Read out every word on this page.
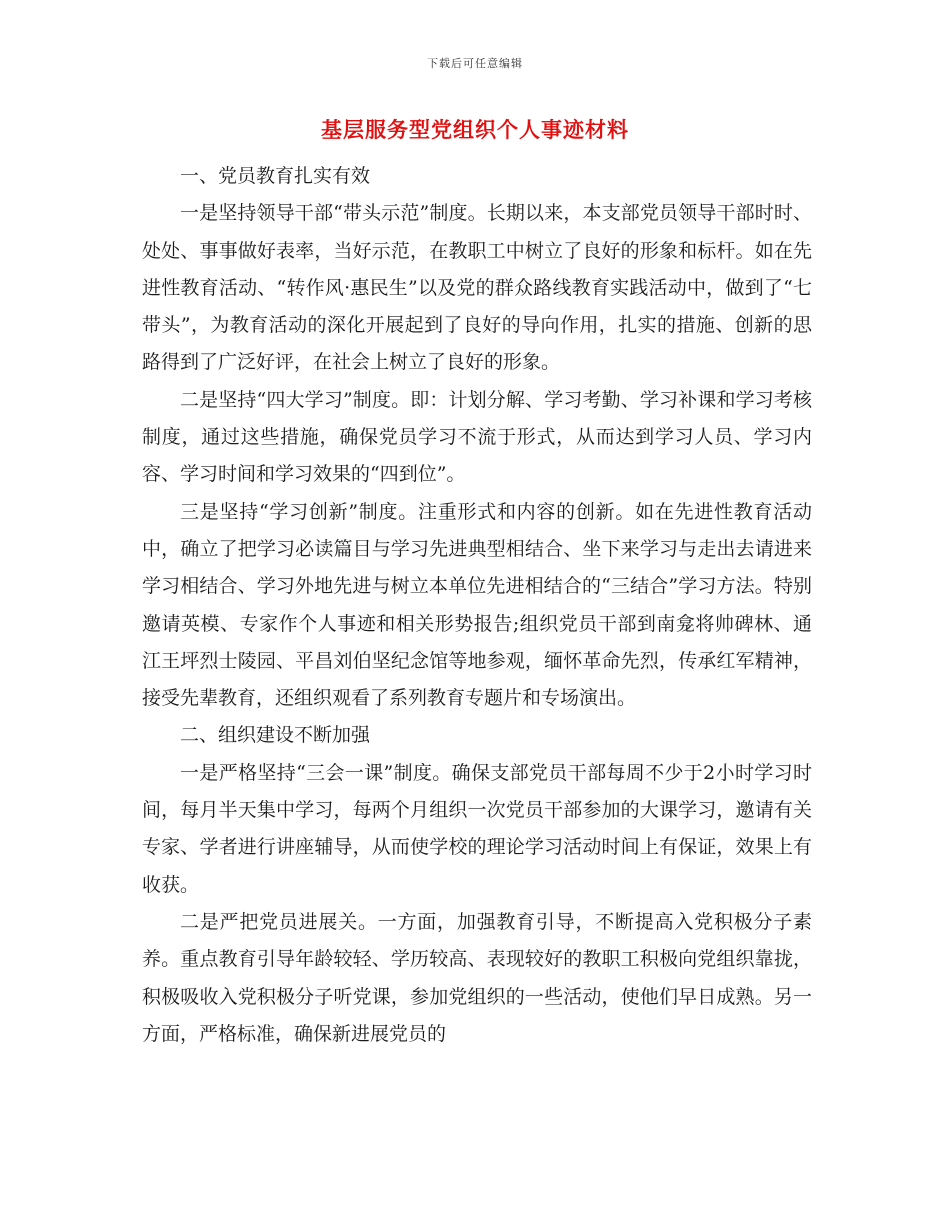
下载后可任意编辑
基层服务型党组织个人事迹材料

一、党员教育扎实有效

一是坚持领导干部“带头示范”制度。长期以来，本支部党员领导干部时时、处处、事事做好表率，当好示范，在教职工中树立了良好的形象和标杆。如在先进性教育活动、“转作风·惠民生”以及党的群众路线教育实践活动中，做到了“七带头”，为教育活动的深化开展起到了良好的导向作用，扎实的措施、创新的思路得到了广泛好评，在社会上树立了良好的形象。

二是坚持“四大学习”制度。即：计划分解、学习考勤、学习补课和学习考核制度，通过这些措施，确保党员学习不流于形式，从而达到学习人员、学习内容、学习时间和学习效果的“四到位”。

三是坚持“学习创新”制度。注重形式和内容的创新。如在先进性教育活动中，确立了把学习必读篇目与学习先进典型相结合、坐下来学习与走出去请进来学习相结合、学习外地先进与树立本单位先进相结合的“三结合”学习方法。特别邀请英模、专家作个人事迹和相关形势报告;组织党员干部到南龛将帅碑林、通江王坪烈士陵园、平昌刘伯坚纪念馆等地参观，缅怀革命先烈，传承红军精神，接受先辈教育，还组织观看了系列教育专题片和专场演出。

二、组织建设不断加强

一是严格坚持“三会一课”制度。确保支部党员干部每周不少于2小时学习时间，每月半天集中学习，每两个月组织一次党员干部参加的大课学习，邀请有关专家、学者进行讲座辅导，从而使学校的理论学习活动时间上有保证，效果上有收获。

二是严把党员进展关。一方面，加强教育引导，不断提高入党积极分子素养。重点教育引导年龄较轻、学历较高、表现较好的教职工积极向党组织靠拢，积极吸收入党积极分子听党课，参加党组织的一些活动，使他们早日成熟。另一方面，严格标准，确保新进展党员的
